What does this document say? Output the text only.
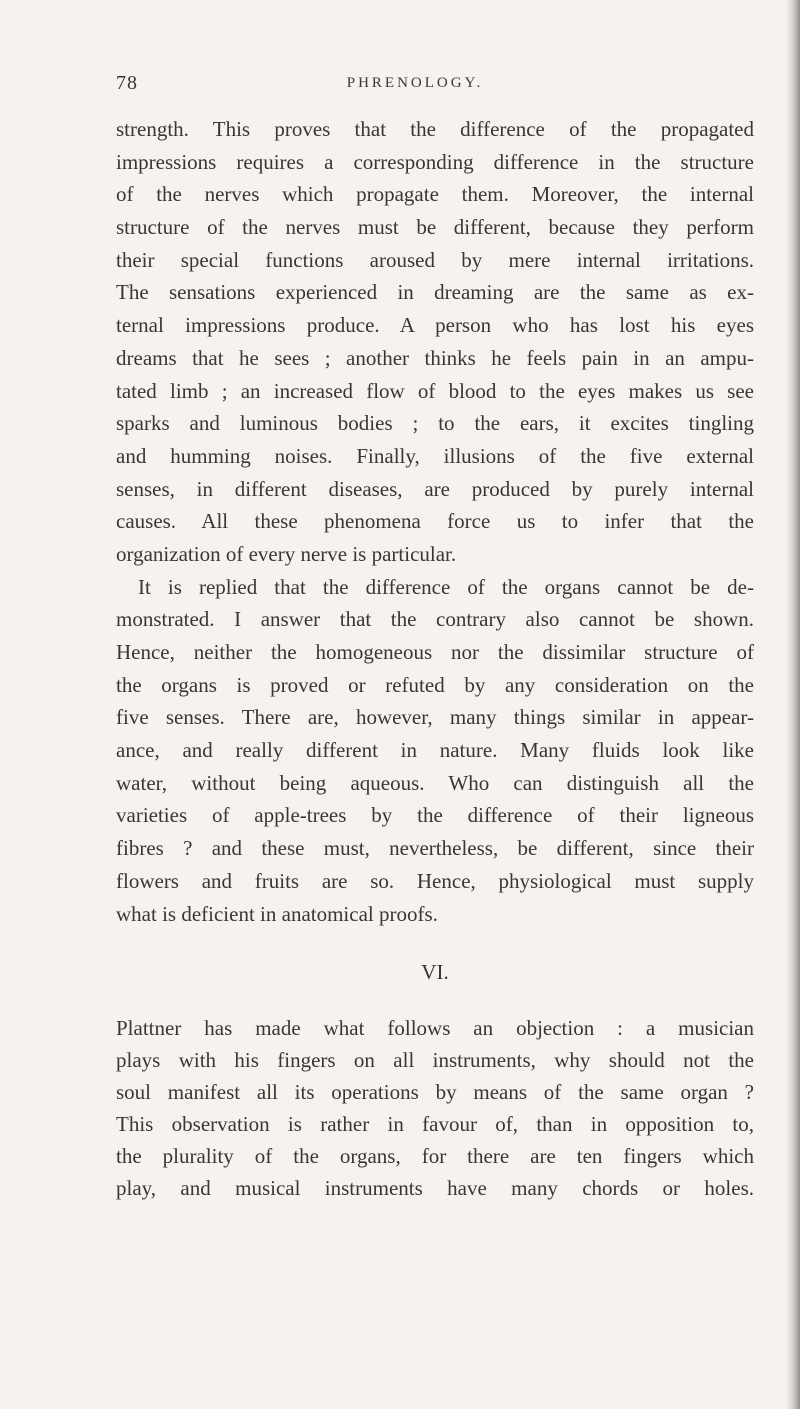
78	PHRENOLOGY.
strength. This proves that the difference of the propagated
impressions requires a corresponding difference in the structure
of the nerves which propagate them. Moreover, the internal
structure of the nerves must be different, because they perform
their special functions aroused by mere internal irritations.
The sensations experienced in dreaming are the same as ex-
ternal impressions produce. A person who has lost his eyes
dreams that he sees ; another thinks he feels pain in an ampu-
tated limb ; an increased flow of blood to the eyes makes us see
sparks and luminous bodies ; to the ears, it excites tingling
and humming noises. Finally, illusions of the five external
senses, in different diseases, are produced by purely internal
causes. All these phenomena force us to infer that the
organization of every nerve is particular.
It is replied that the difference of the organs cannot be de-
monstrated. I answer that the contrary also cannot be shown.
Hence, neither the homogeneous nor the dissimilar structure of
the organs is proved or refuted by any consideration on the
five senses. There are, however, many things similar in appear-
ance, and really different in nature. Many fluids look like
water, without being aqueous. Who can distinguish all the
varieties of apple-trees by the difference of their ligneous
fibres ? and these must, nevertheless, be different, since their
flowers and fruits are so. Hence, physiological must supply
what is deficient in anatomical proofs.
VI.
Plattner has made what follows an objection : a musician
plays with his fingers on all instruments, why should not the
soul manifest all its operations by means of the same organ ?
This observation is rather in favour of, than in opposition to,
the plurality of the organs, for there are ten fingers which
play, and musical instruments have many chords or holes.
